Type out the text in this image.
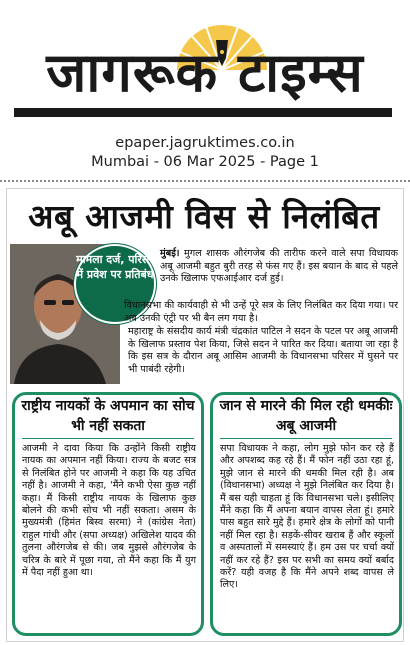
जागरूक टाइम्स
epaper.jagruktimes.co.in
Mumbai - 06 Mar 2025 - Page 1
अबू आजमी विस से निलंबित
मामला दर्ज, परिसर में प्रवेश पर प्रतिबंध

मुंबई। मुगल शासक औरंगजेब की तारीफ करने वाले सपा विधायक अबू आजमी बहुत बुरी तरह से फंस गए हैं। इस बयान के बाद से पहले उनके खिलाफ एफआईआर दर्ज हुई।

विधानसभा की कार्यवाही से भी उन्हें पूरे सत्र के लिए निलंबित कर दिया गया। पर अब उनकी एंट्री पर भी बैन लग गया है।

महाराष्ट्र के संसदीय कार्य मंत्री चंद्रकांत पाटिल ने सदन के पटल पर अबू आजमी के खिलाफ प्रस्ताव पेश किया, जिसे सदन ने पारित कर दिया। बताया जा रहा है कि इस सत्र के दौरान अबू आसिम आजमी के विधानसभा परिसर में घुसने पर भी पाबंदी रहेगी।

राष्ट्रीय नायकों के अपमान का सोच भी नहीं सकता

आजमी ने दावा किया कि उन्होंने किसी राष्ट्रीय नायक का अपमान नहीं किया। राज्य के बजट सत्र से निलंबित होने पर आजमी ने कहा कि यह उचित नहीं है। आजमी ने कहा, 'मैंने कभी ऐसा कुछ नहीं कहा। मैं किसी राष्ट्रीय नायक के खिलाफ कुछ बोलने की कभी सोच भी नहीं सकता। असम के मुख्यमंत्री (हिमंत बिस्व सरमा) ने (कांग्रेस नेता) राहुल गांधी और (सपा अध्यक्ष) अखिलेश यादव की तुलना औरंगजेब से की। जब मुझसे औरंगजेब के चरित्र के बारे में पूछा गया, तो मैंने कहा कि मैं युग में पैदा नहीं हुआ था।

जान से मारने की मिल रही धमकीः अबू आजमी

सपा विधायक ने कहा, लोग मुझे फोन कर रहे हैं और अपशब्द कह रहे हैं। मैं फोन नहीं उठा रहा हूं, मुझे जान से मारने की धमकी मिल रही है। अब (विधानसभा) अध्यक्ष ने मुझे निलंबित कर दिया है। मैं बस यही चाहता हूं कि विधानसभा चले। इसीलिए मैंने कहा कि मैं अपना बयान वापस लेता हूं। हमारे पास बहुत सारे मुद्दे हैं। हमारे क्षेत्र के लोगों को पानी नहीं मिल रहा है। सड़कें-सीवर खराब हैं और स्कूलों व अस्पतालों में समस्याएं हैं। हम उस पर चर्चा क्यों नहीं कर रहे हैं? इस पर सभी का समय क्यों बर्बाद करें? यही वजह है कि मैंने अपने शब्द वापस ले लिए।
